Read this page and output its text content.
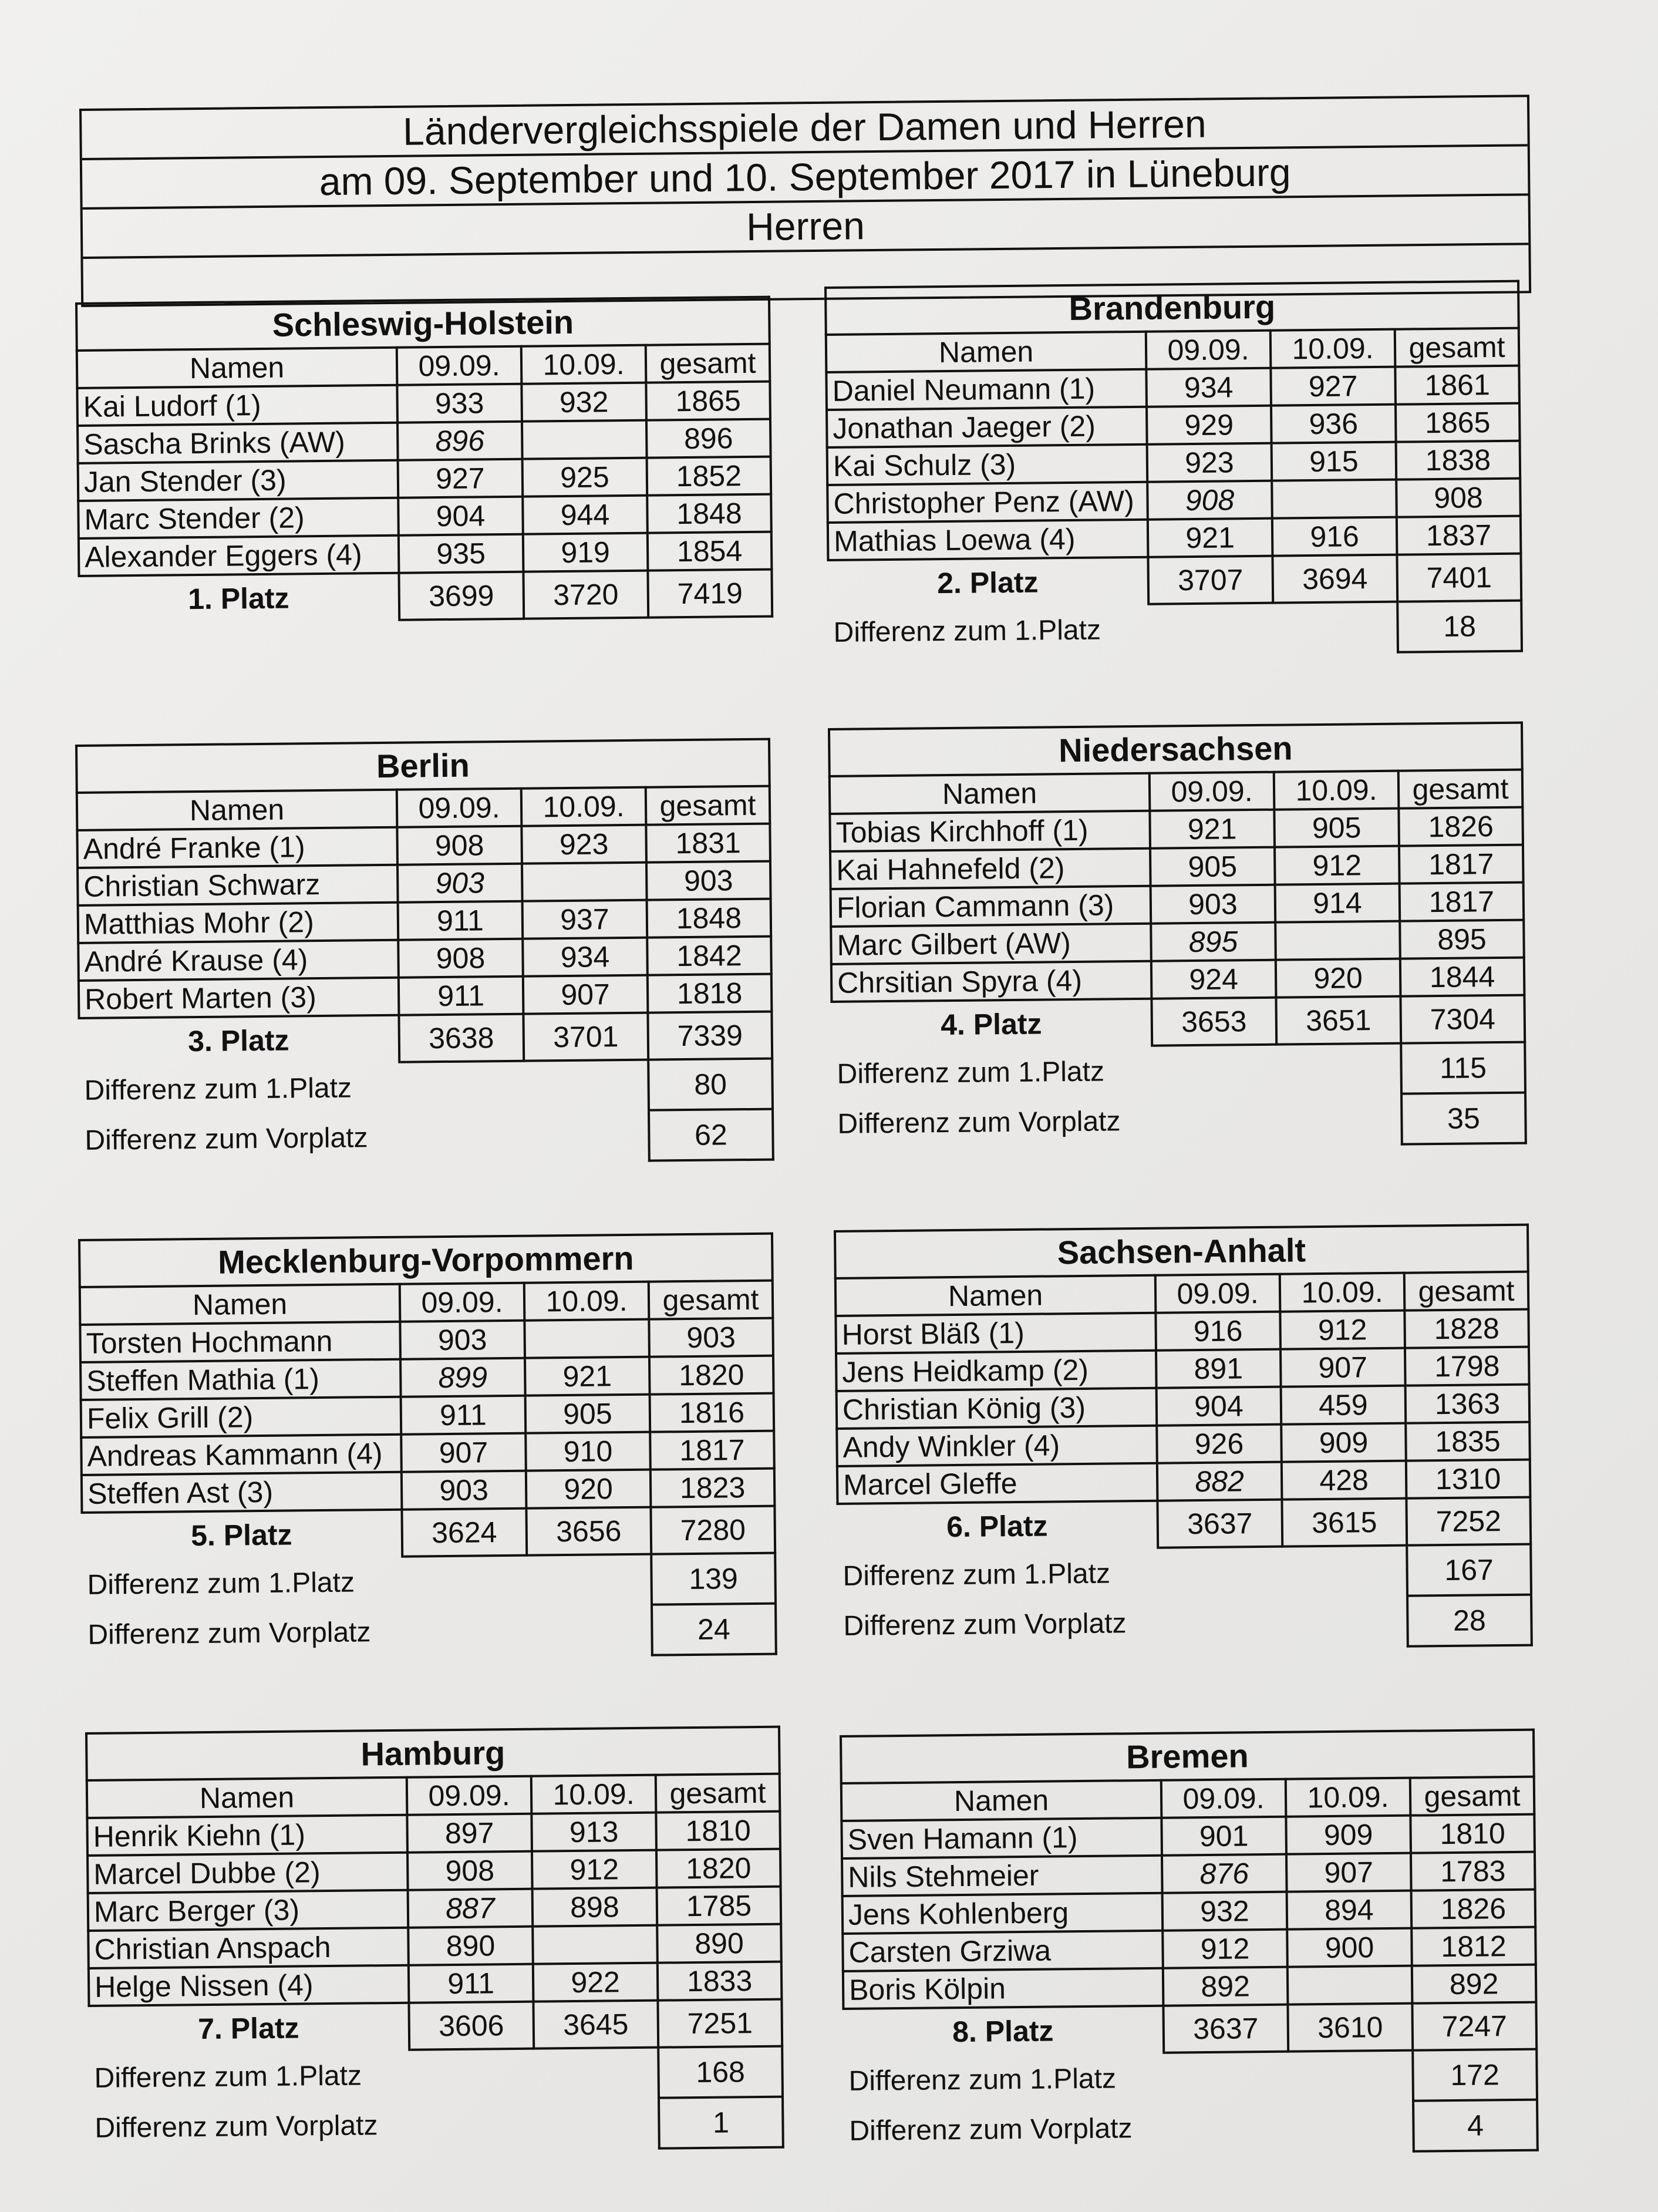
Ländervergleichsspiele der Damen und Herren
am 09. September und 10. September 2017 in Lüneburg
Herren
Schleswig-Holstein			
Namen	09.09.	10.09.	gesamt
Kai Ludorf (1)	933	932	1865
Sascha Brinks (AW)	896		896
Jan Stender (3)	927	925	1852
Marc Stender (2)	904	944	1848
Alexander Eggers (4)	935	919	1854
1. Platz	3699	3720	7419
Brandenburg			
Namen	09.09.	10.09.	gesamt
Daniel Neumann (1)	934	927	1861
Jonathan Jaeger (2)	929	936	1865
Kai Schulz (3)	923	915	1838
Christopher Penz (AW)	908		908
Mathias Loewa (4)	921	916	1837
2. Platz	3707	3694	7401
Differenz zum 1.Platz			18
Berlin			
Namen	09.09.	10.09.	gesamt
André Franke (1)	908	923	1831
Christian Schwarz	903		903
Matthias Mohr (2)	911	937	1848
André Krause (4)	908	934	1842
Robert Marten (3)	911	907	1818
3. Platz	3638	3701	7339
Differenz zum 1.Platz			80
Differenz zum Vorplatz			62
Niedersachsen			
Namen	09.09.	10.09.	gesamt
Tobias Kirchhoff (1)	921	905	1826
Kai Hahnefeld (2)	905	912	1817
Florian Cammann (3)	903	914	1817
Marc Gilbert (AW)	895		895
Chrsitian Spyra (4)	924	920	1844
4. Platz	3653	3651	7304
Differenz zum 1.Platz			115
Differenz zum Vorplatz			35
Mecklenburg-Vorpommern			
Namen	09.09.	10.09.	gesamt
Torsten Hochmann	903		903
Steffen Mathia (1)	899	921	1820
Felix Grill (2)	911	905	1816
Andreas Kammann (4)	907	910	1817
Steffen Ast (3)	903	920	1823
5. Platz	3624	3656	7280
Differenz zum 1.Platz			139
Differenz zum Vorplatz			24
Sachsen-Anhalt			
Namen	09.09.	10.09.	gesamt
Horst Bläß (1)	916	912	1828
Jens Heidkamp (2)	891	907	1798
Christian König (3)	904	459	1363
Andy Winkler (4)	926	909	1835
Marcel Gleffe	882	428	1310
6. Platz	3637	3615	7252
Differenz zum 1.Platz			167
Differenz zum Vorplatz			28
Hamburg			
Namen	09.09.	10.09.	gesamt
Henrik Kiehn (1)	897	913	1810
Marcel Dubbe (2)	908	912	1820
Marc Berger (3)	887	898	1785
Christian Anspach	890		890
Helge Nissen (4)	911	922	1833
7. Platz	3606	3645	7251
Differenz zum 1.Platz			168
Differenz zum Vorplatz			1
Bremen			
Namen	09.09.	10.09.	gesamt
Sven Hamann (1)	901	909	1810
Nils Stehmeier	876	907	1783
Jens Kohlenberg	932	894	1826
Carsten Grziwa	912	900	1812
Boris Kölpin	892		892
8. Platz	3637	3610	7247
Differenz zum 1.Platz			172
Differenz zum Vorplatz			4
